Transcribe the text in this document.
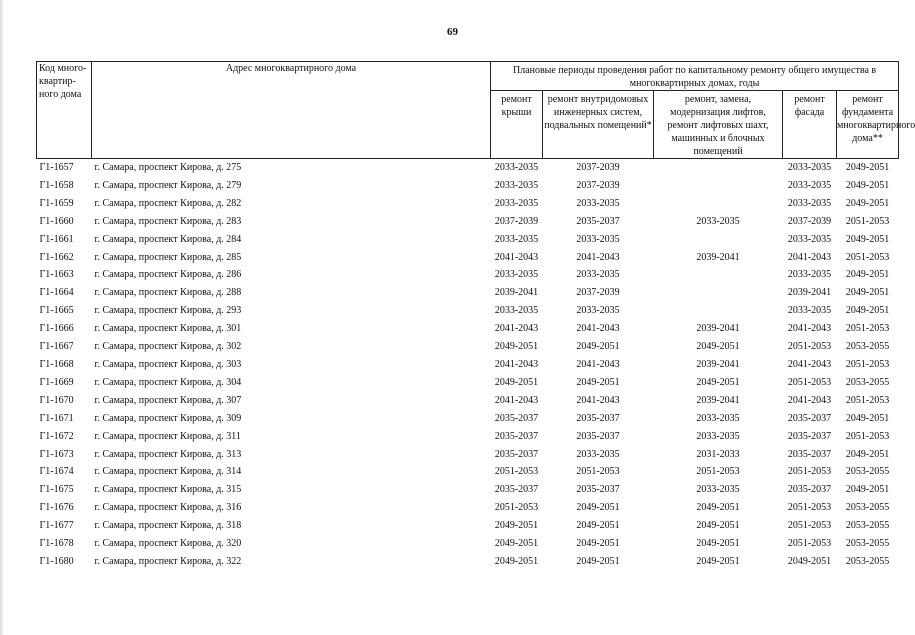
69
Код много-квартир-ного дома	Адрес многоквартирного дома	Плановые периоды проведения работ по капитальному ремонту общего имущества в многоквартирных домах, годы				
		ремонт крыши	ремонт внутридомовых инженерных систем, подвальных помещений*	ремонт, замена, модернизация лифтов, ремонт лифтовых шахт, машинных и блочных помещений	ремонт фасада	ремонт фундамента многоквартирного дома**
Г1-1657	г. Самара, проспект Кирова, д. 275	2033-2035	2037-2039		2033-2035	2049-2051
Г1-1658	г. Самара, проспект Кирова, д. 279	2033-2035	2037-2039		2033-2035	2049-2051
Г1-1659	г. Самара, проспект Кирова, д. 282	2033-2035	2033-2035		2033-2035	2049-2051
Г1-1660	г. Самара, проспект Кирова, д. 283	2037-2039	2035-2037	2033-2035	2037-2039	2051-2053
Г1-1661	г. Самара, проспект Кирова, д. 284	2033-2035	2033-2035		2033-2035	2049-2051
Г1-1662	г. Самара, проспект Кирова, д. 285	2041-2043	2041-2043	2039-2041	2041-2043	2051-2053
Г1-1663	г. Самара, проспект Кирова, д. 286	2033-2035	2033-2035		2033-2035	2049-2051
Г1-1664	г. Самара, проспект Кирова, д. 288	2039-2041	2037-2039		2039-2041	2049-2051
Г1-1665	г. Самара, проспект Кирова, д. 293	2033-2035	2033-2035		2033-2035	2049-2051
Г1-1666	г. Самара, проспект Кирова, д. 301	2041-2043	2041-2043	2039-2041	2041-2043	2051-2053
Г1-1667	г. Самара, проспект Кирова, д. 302	2049-2051	2049-2051	2049-2051	2051-2053	2053-2055
Г1-1668	г. Самара, проспект Кирова, д. 303	2041-2043	2041-2043	2039-2041	2041-2043	2051-2053
Г1-1669	г. Самара, проспект Кирова, д. 304	2049-2051	2049-2051	2049-2051	2051-2053	2053-2055
Г1-1670	г. Самара, проспект Кирова, д. 307	2041-2043	2041-2043	2039-2041	2041-2043	2051-2053
Г1-1671	г. Самара, проспект Кирова, д. 309	2035-2037	2035-2037	2033-2035	2035-2037	2049-2051
Г1-1672	г. Самара, проспект Кирова, д. 311	2035-2037	2035-2037	2033-2035	2035-2037	2051-2053
Г1-1673	г. Самара, проспект Кирова, д. 313	2035-2037	2033-2035	2031-2033	2035-2037	2049-2051
Г1-1674	г. Самара, проспект Кирова, д. 314	2051-2053	2051-2053	2051-2053	2051-2053	2053-2055
Г1-1675	г. Самара, проспект Кирова, д. 315	2035-2037	2035-2037	2033-2035	2035-2037	2049-2051
Г1-1676	г. Самара, проспект Кирова, д. 316	2051-2053	2049-2051	2049-2051	2051-2053	2053-2055
Г1-1677	г. Самара, проспект Кирова, д. 318	2049-2051	2049-2051	2049-2051	2051-2053	2053-2055
Г1-1678	г. Самара, проспект Кирова, д. 320	2049-2051	2049-2051	2049-2051	2051-2053	2053-2055
Г1-1680	г. Самара, проспект Кирова, д. 322	2049-2051	2049-2051	2049-2051	2049-2051	2053-2055
